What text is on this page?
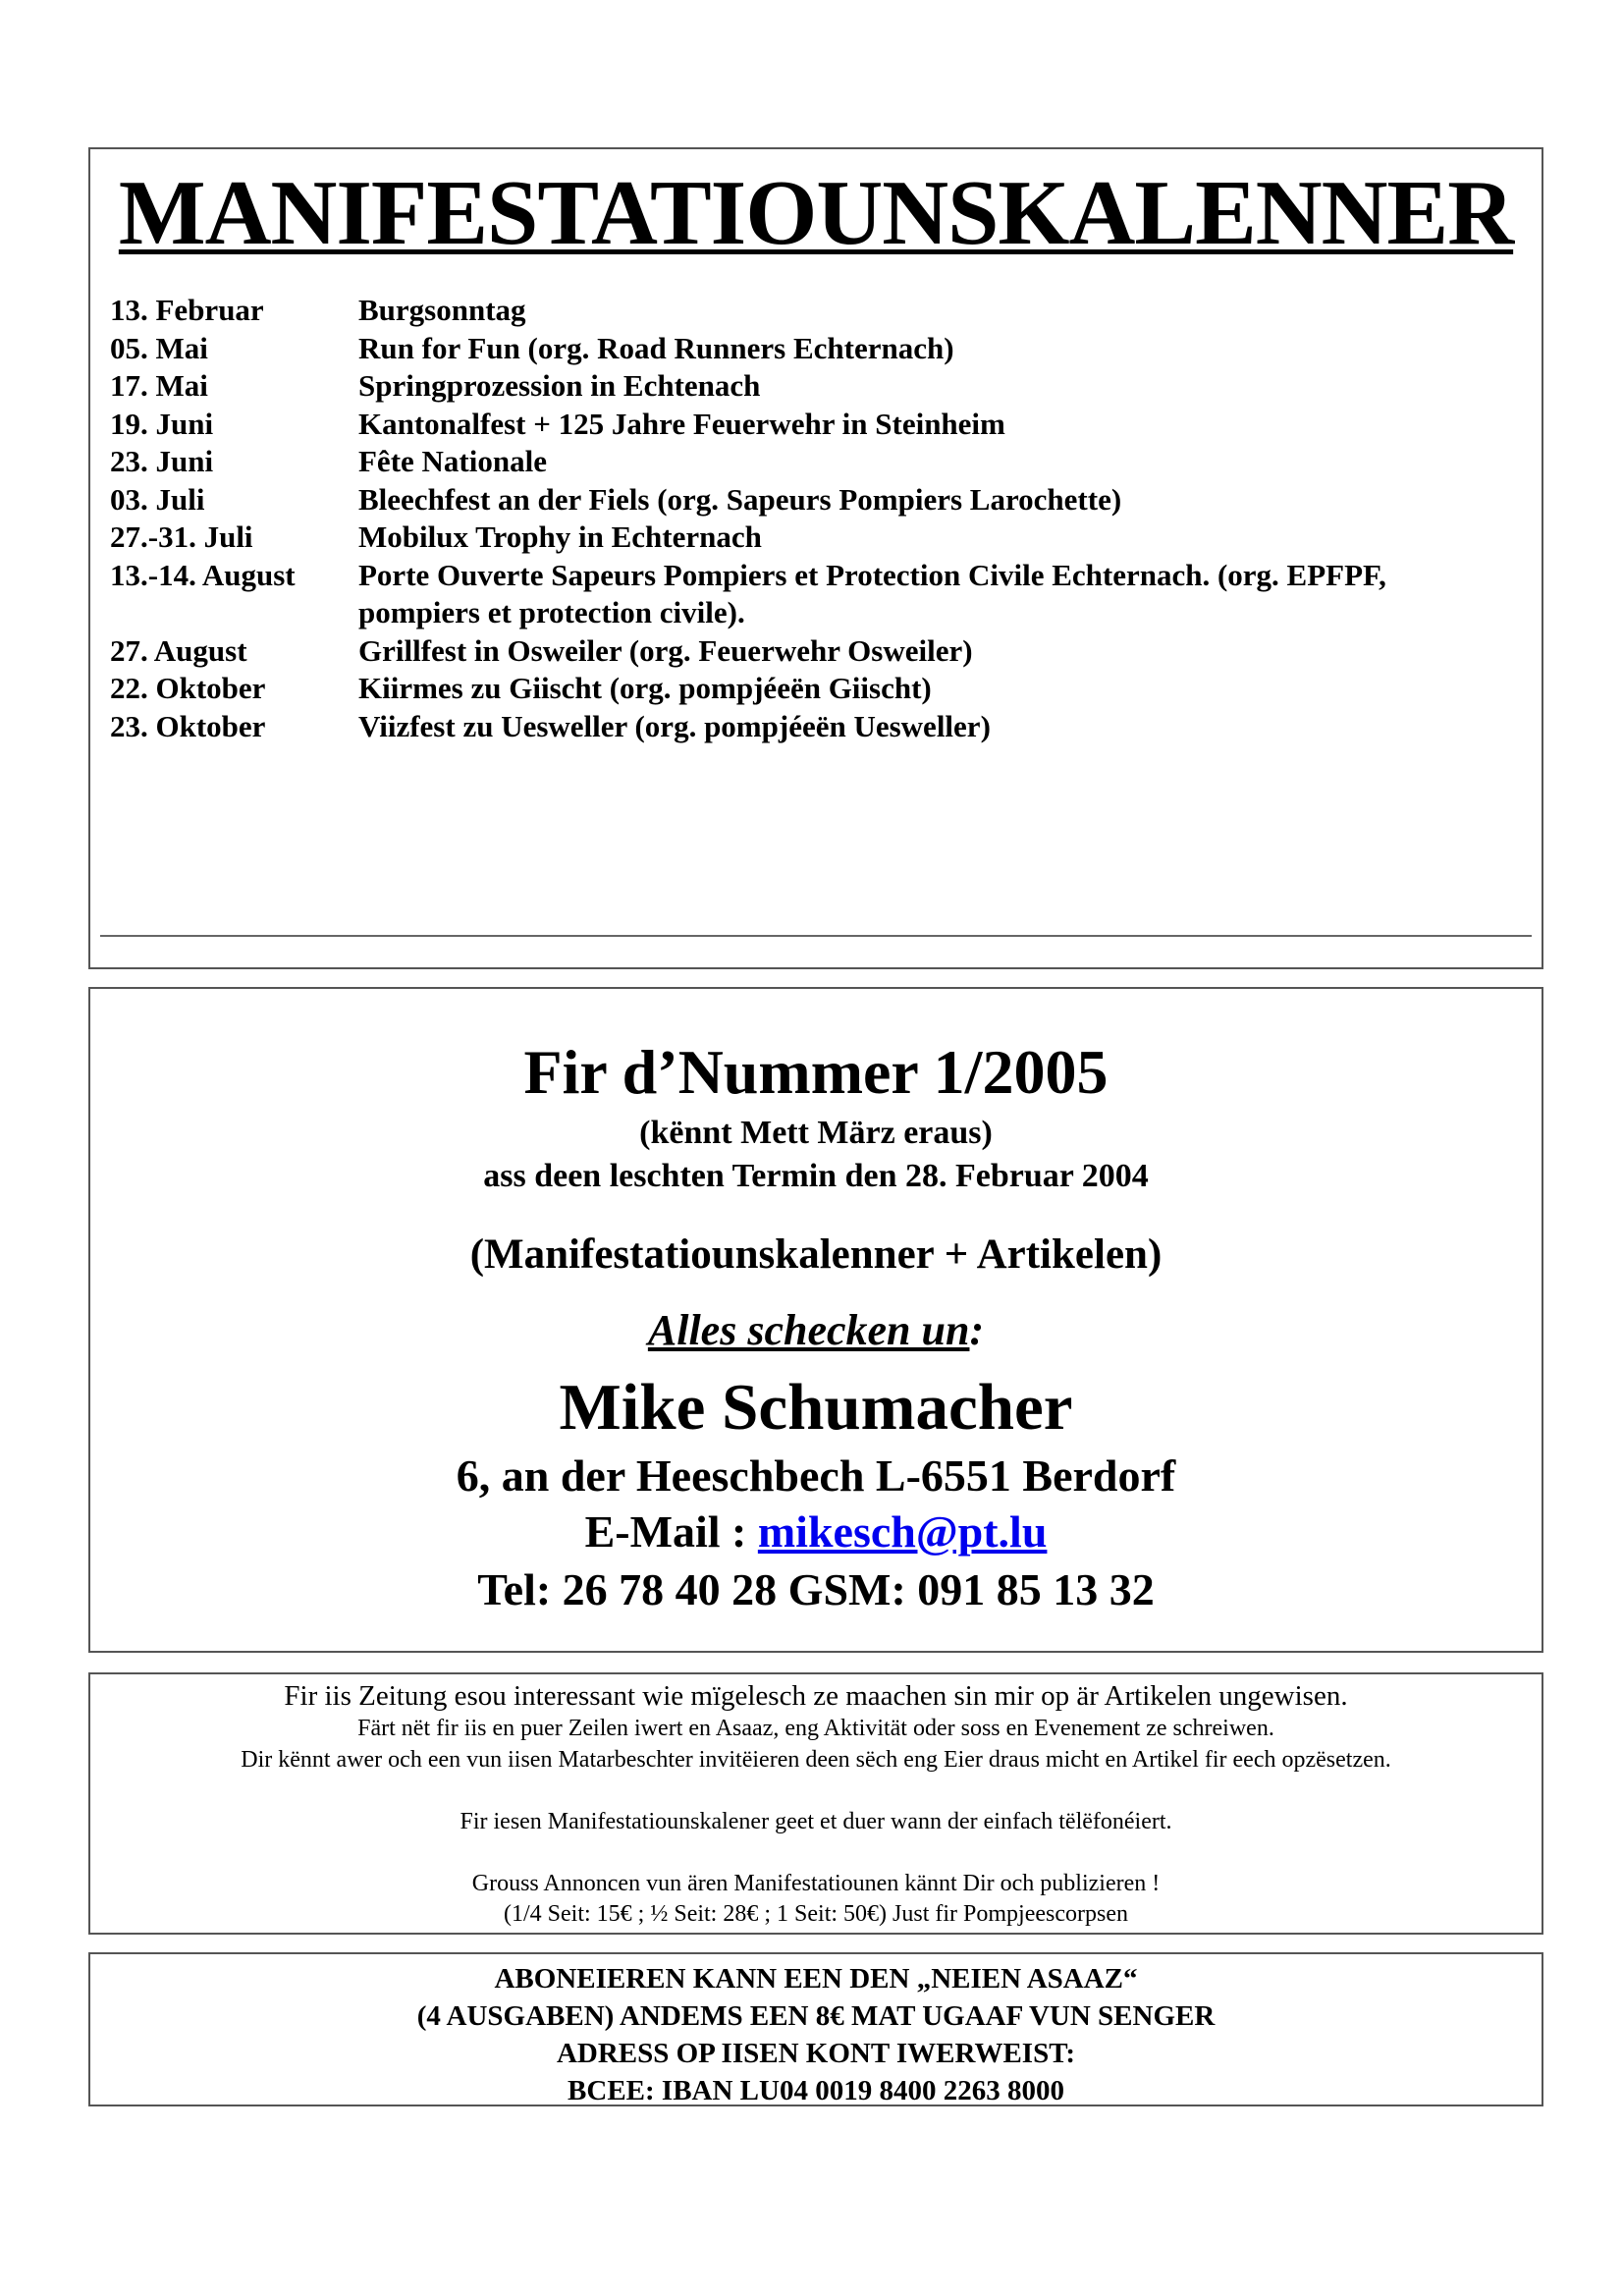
MANIFESTATIOUNSKALENNER
13. Februar	Burgsonntag
05. Mai	Run for Fun (org. Road Runners Echternach)
17. Mai	Springprozession in Echtenach
19. Juni	Kantonalfest + 125 Jahre Feuerwehr in Steinheim
23. Juni	Fête Nationale
03. Juli	Bleechfest an der Fiels (org. Sapeurs Pompiers Larochette)
27.-31. Juli	Mobilux Trophy in Echternach
13.-14. August	Porte Ouverte Sapeurs Pompiers et Protection Civile Echternach. (org. EPFPF, pompiers et protection civile).
27. August	Grillfest in Osweiler (org. Feuerwehr Osweiler)
22. Oktober	Kiirmes zu Giischt (org. pompjéeën Giischt)
23. Oktober	Viizfest zu Uesweller (org. pompjéeën Uesweller)
Fir d’Nummer 1/2005
(kënnt Mett März eraus)
ass deen leschten Termin den 28. Februar 2004
(Manifestatiounskalenner + Artikelen)
Alles schecken un:
Mike Schumacher
6, an der Heeschbech L-6551 Berdorf
E-Mail : mikesch@pt.lu
Tel: 26 78 40 28 GSM: 091 85 13 32
Fir iis Zeitung esou interessant wie mïgelesch ze maachen sin mir op är Artikelen ungewisen.
Färt nët fir iis en puer Zeilen iwert en Asaaz, eng Aktivität oder soss en Evenement ze schreiwen.
Dir kënnt awer och een vun iisen Matarbeschter invitëieren deen sëch eng Eier draus micht en Artikel fir eech opzësetzen.
Fir iesen Manifestatiounskalener geet et duer wann der einfach tëlëfonéiert.
Grouss Annoncen vun ären Manifestatiounen kännt Dir och publizieren !
(1/4 Seit: 15€ ; ½ Seit: 28€ ; 1 Seit: 50€) Just fir Pompjeescorpsen
ABONEIEREN KANN EEN DEN „NEIEN ASAAZ“
(4 AUSGABEN) ANDEMS EEN 8€ MAT UGAAF VUN SENGER
ADRESS OP IISEN KONT IWERWEIST:
BCEE: IBAN LU04 0019 8400 2263 8000
